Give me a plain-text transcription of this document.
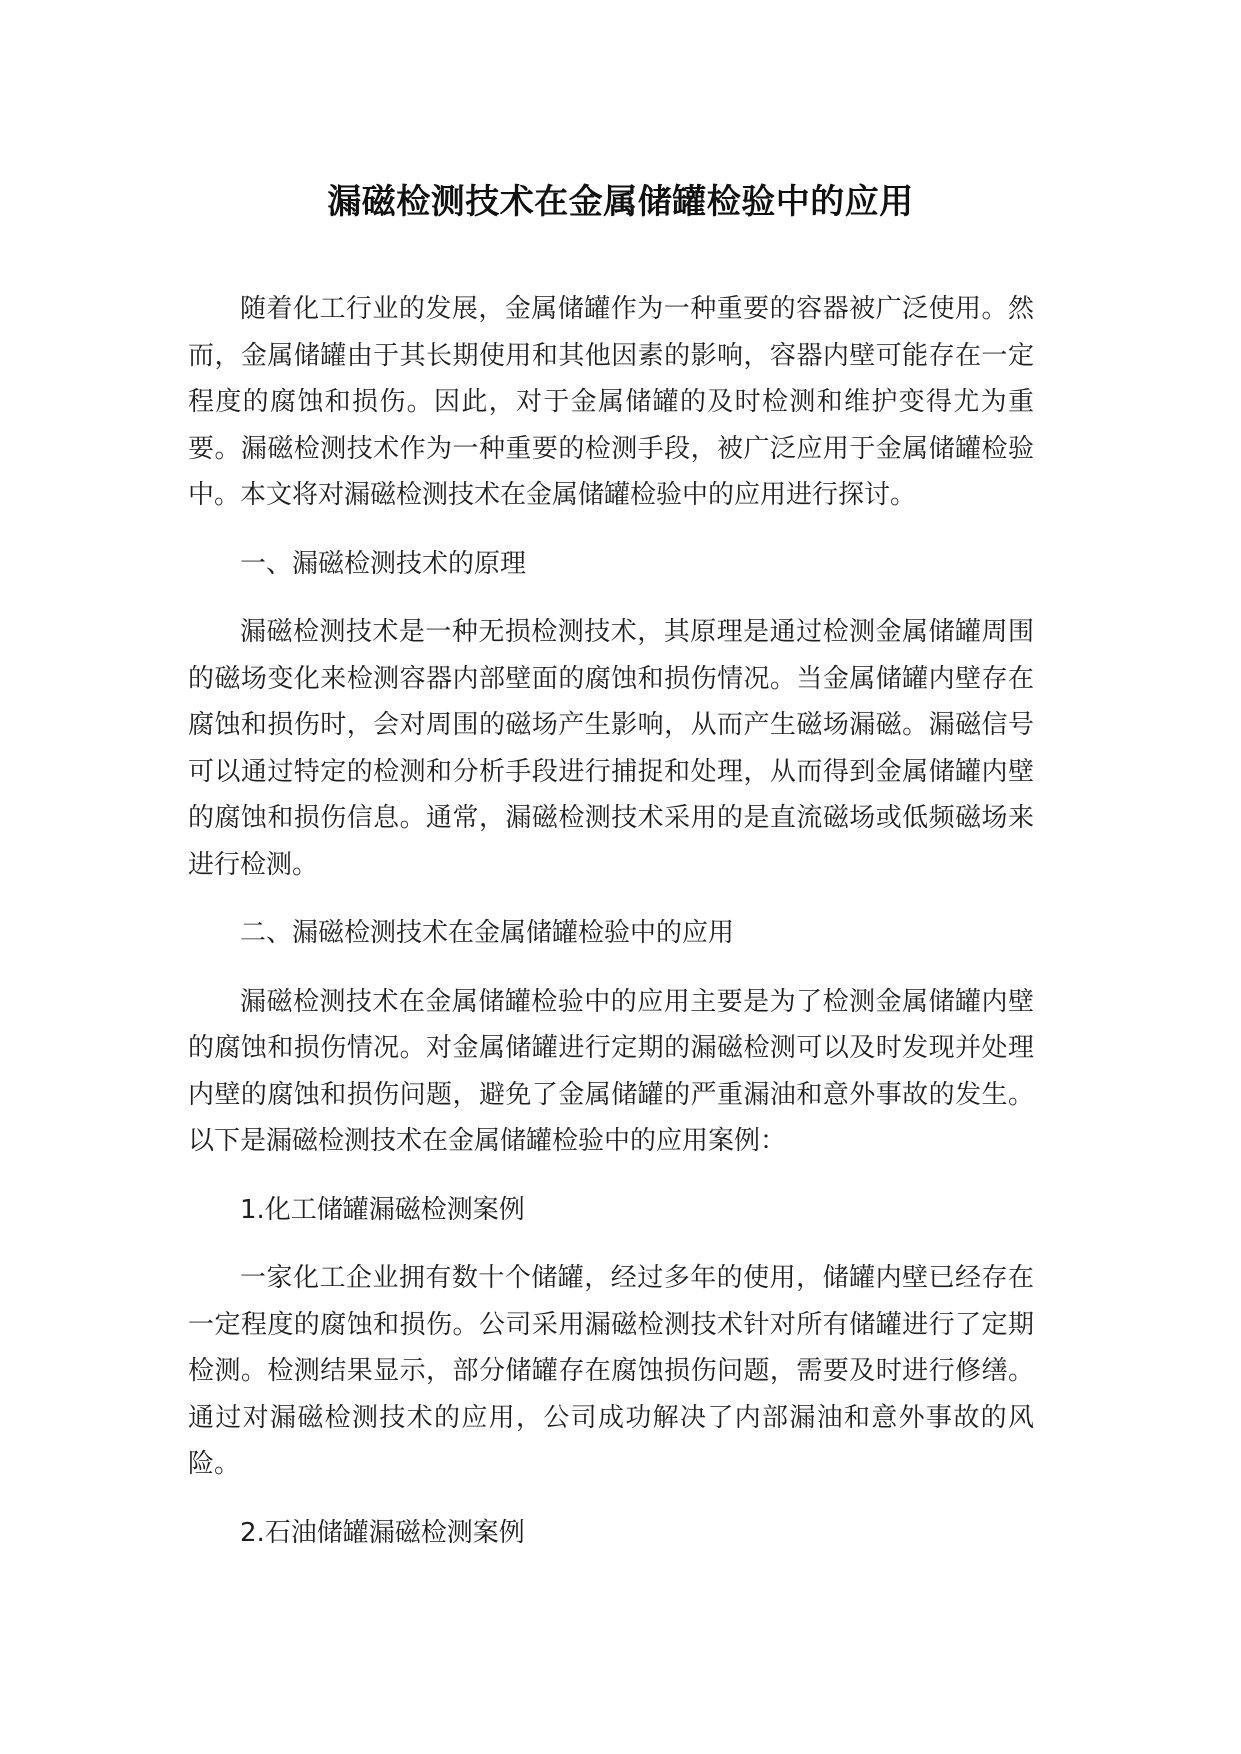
漏磁检测技术在金属储罐检验中的应用

随着化工行业的发展，金属储罐作为一种重要的容器被广泛使用。然而，金属储罐由于其长期使用和其他因素的影响，容器内壁可能存在一定程度的腐蚀和损伤。因此，对于金属储罐的及时检测和维护变得尤为重要。漏磁检测技术作为一种重要的检测手段，被广泛应用于金属储罐检验中。本文将对漏磁检测技术在金属储罐检验中的应用进行探讨。

一、漏磁检测技术的原理

漏磁检测技术是一种无损检测技术，其原理是通过检测金属储罐周围的磁场变化来检测容器内部壁面的腐蚀和损伤情况。当金属储罐内壁存在腐蚀和损伤时，会对周围的磁场产生影响，从而产生磁场漏磁。漏磁信号可以通过特定的检测和分析手段进行捕捉和处理，从而得到金属储罐内壁的腐蚀和损伤信息。通常，漏磁检测技术采用的是直流磁场或低频磁场来进行检测。

二、漏磁检测技术在金属储罐检验中的应用

漏磁检测技术在金属储罐检验中的应用主要是为了检测金属储罐内壁的腐蚀和损伤情况。对金属储罐进行定期的漏磁检测可以及时发现并处理内壁的腐蚀和损伤问题，避免了金属储罐的严重漏油和意外事故的发生。以下是漏磁检测技术在金属储罐检验中的应用案例：

1.化工储罐漏磁检测案例

一家化工企业拥有数十个储罐，经过多年的使用，储罐内壁已经存在一定程度的腐蚀和损伤。公司采用漏磁检测技术针对所有储罐进行了定期检测。检测结果显示，部分储罐存在腐蚀损伤问题，需要及时进行修缮。通过对漏磁检测技术的应用，公司成功解决了内部漏油和意外事故的风险。

2.石油储罐漏磁检测案例
